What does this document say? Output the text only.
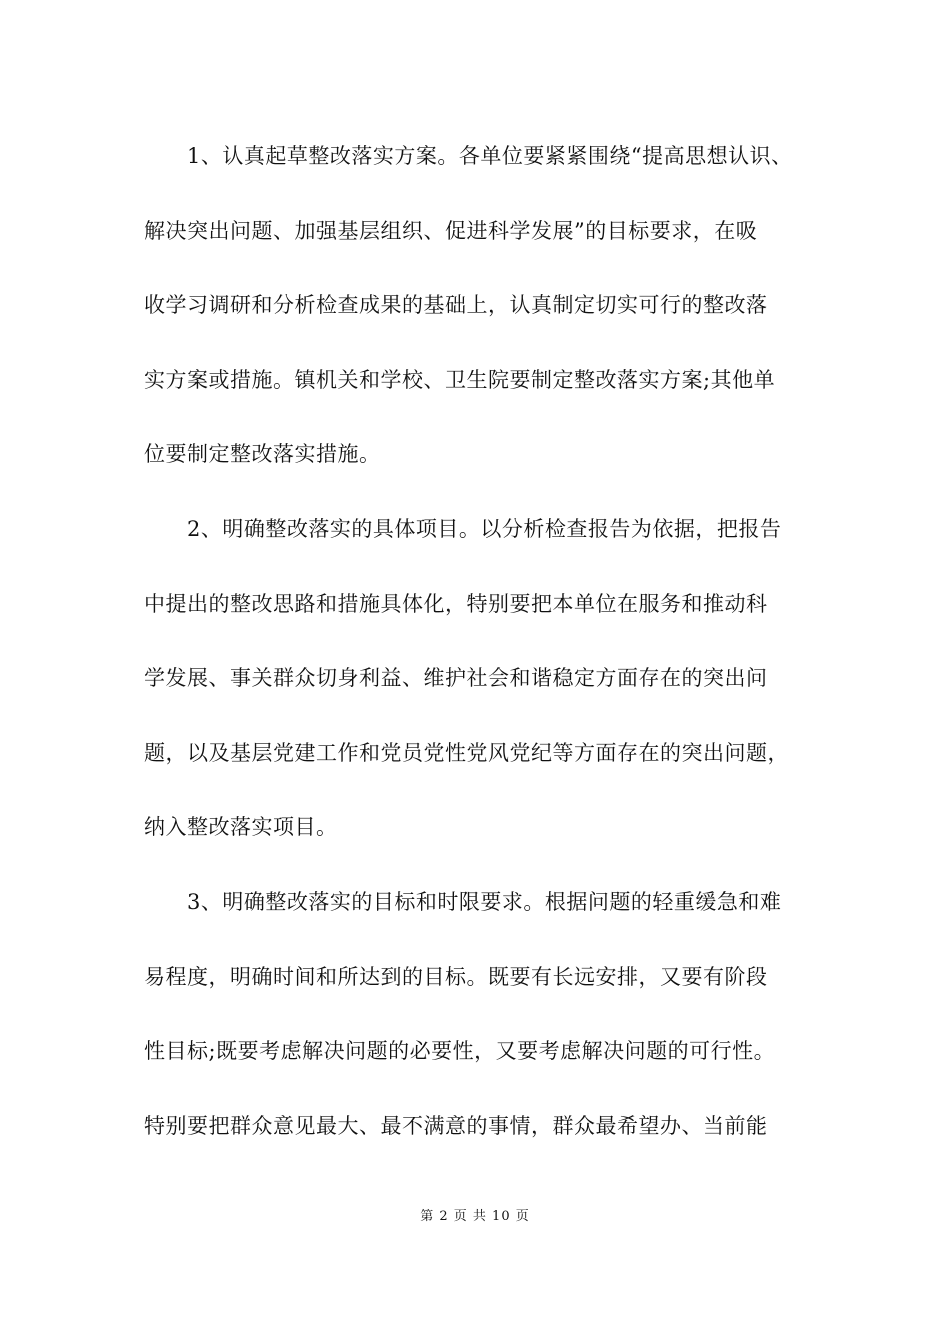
　　1、认真起草整改落实方案。各单位要紧紧围绕“提高思想认识、
解决突出问题、加强基层组织、促进科学发展”的目标要求，在吸
收学习调研和分析检查成果的基础上，认真制定切实可行的整改落
实方案或措施。镇机关和学校、卫生院要制定整改落实方案;其他单
位要制定整改落实措施。
　　2、明确整改落实的具体项目。以分析检查报告为依据，把报告
中提出的整改思路和措施具体化，特别要把本单位在服务和推动科
学发展、事关群众切身利益、维护社会和谐稳定方面存在的突出问
题，以及基层党建工作和党员党性党风党纪等方面存在的突出问题，
纳入整改落实项目。
　　3、明确整改落实的目标和时限要求。根据问题的轻重缓急和难
易程度，明确时间和所达到的目标。既要有长远安排，又要有阶段
性目标;既要考虑解决问题的必要性，又要考虑解决问题的可行性。
特别要把群众意见最大、最不满意的事情，群众最希望办、当前能
第 2 页 共 10 页
